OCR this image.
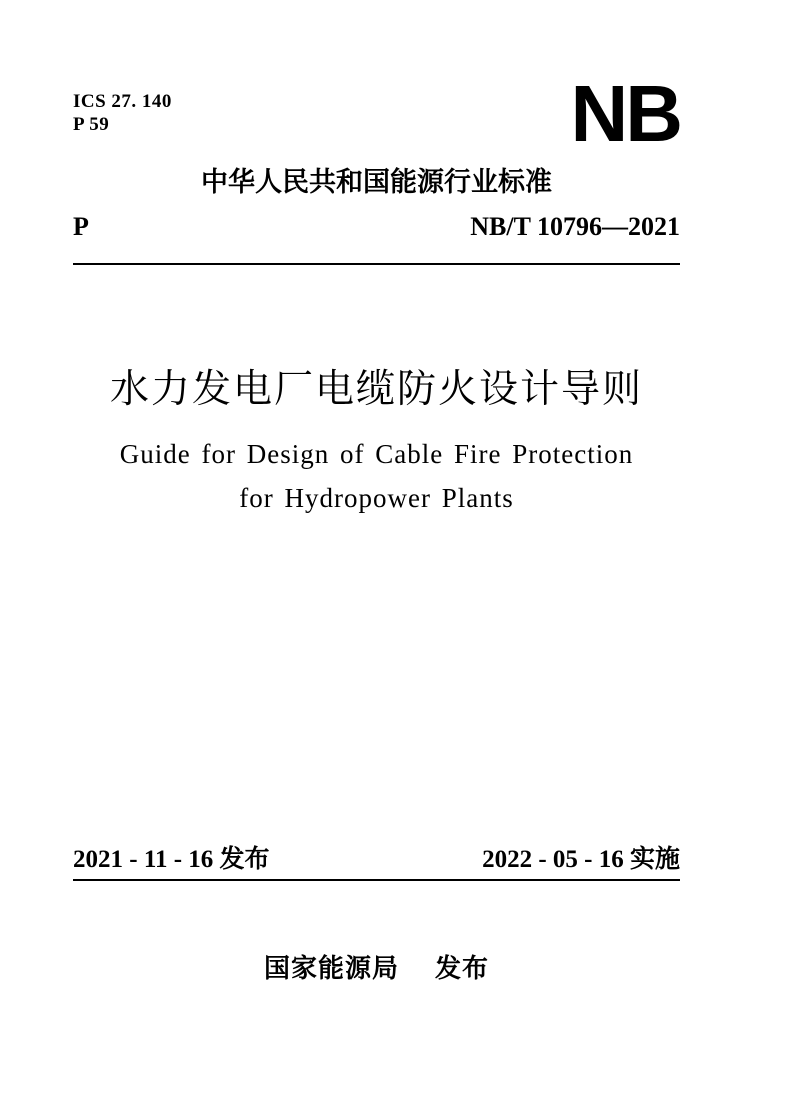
ICS 27. 140
P 59	NB
中华人民共和国能源行业标准
P	NB/T 10796—2021
水力发电厂电缆防火设计导则
Guide for Design of Cable Fire Protection
for Hydropower Plants
2021 - 11 - 16 发布	2022 - 05 - 16 实施
国家能源局 发布
